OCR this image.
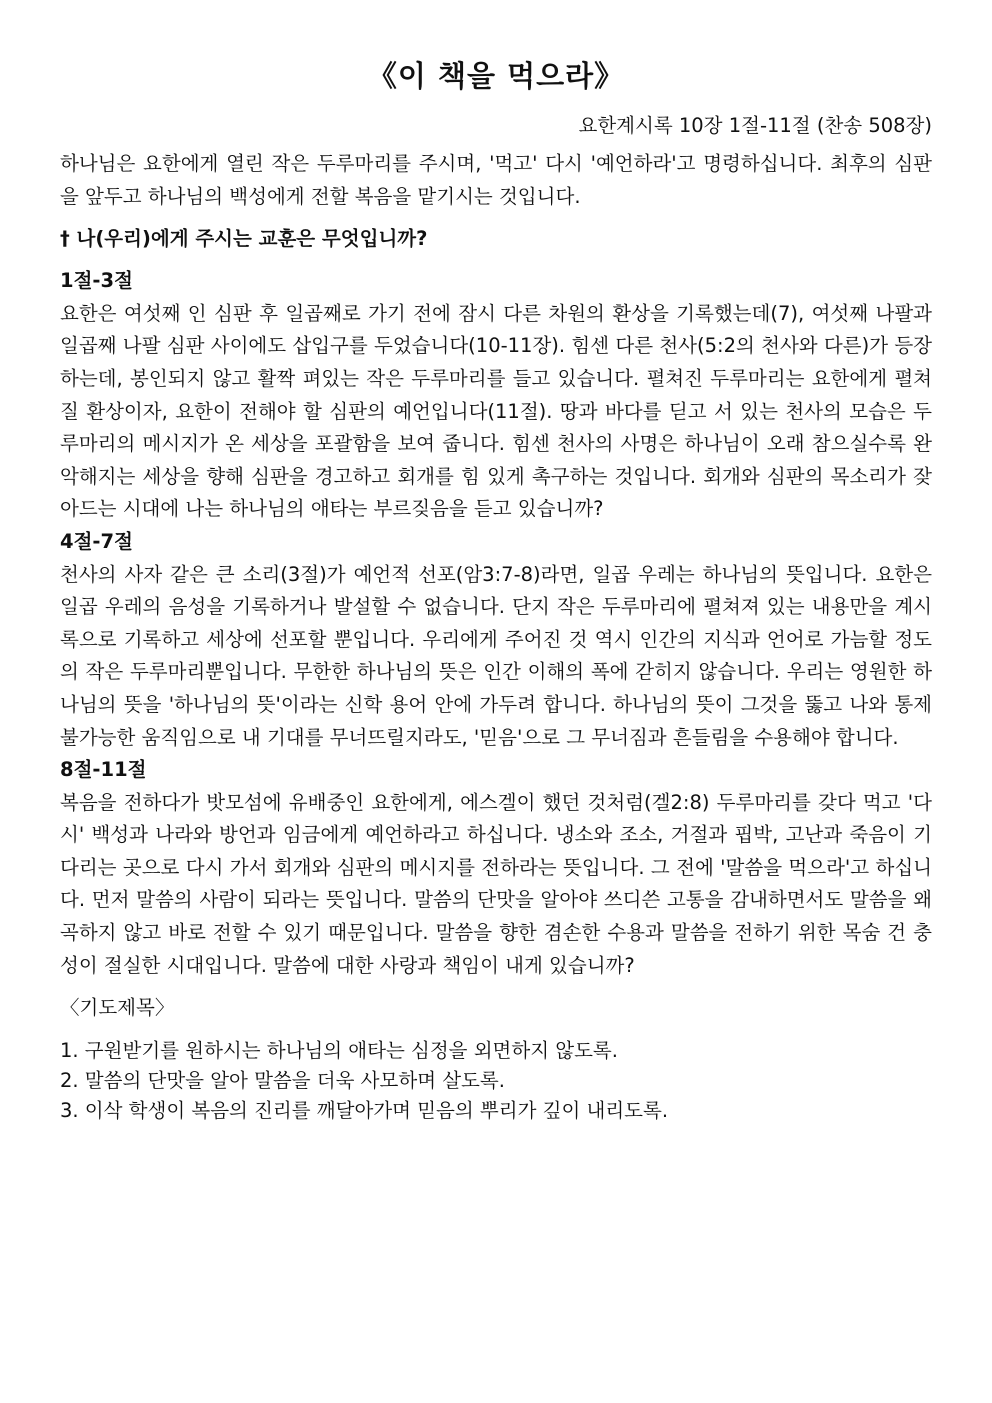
《이 책을 먹으라》
요한계시록 10장 1절-11절 (찬송 508장)

하나님은 요한에게 열린 작은 두루마리를 주시며, '먹고' 다시 '예언하라'고 명령하십니다. 최후의 심판을 앞두고 하나님의 백성에게 전할 복음을 맡기시는 것입니다.

† 나(우리)에게 주시는 교훈은 무엇입니까?
1절-3절

요한은 여섯째 인 심판 후 일곱째로 가기 전에 잠시 다른 차원의 환상을 기록했는데(7), 여섯째 나팔과 일곱째 나팔 심판 사이에도 삽입구를 두었습니다(10-11장). 힘센 다른 천사(5:2의 천사와 다른)가 등장하는데, 봉인되지 않고 활짝 펴있는 작은 두루마리를 들고 있습니다. 펼쳐진 두루마리는 요한에게 펼쳐질 환상이자, 요한이 전해야 할 심판의 예언입니다(11절). 땅과 바다를 딛고 서 있는 천사의 모습은 두루마리의 메시지가 온 세상을 포괄함을 보여 줍니다. 힘센 천사의 사명은 하나님이 오래 참으실수록 완악해지는 세상을 향해 심판을 경고하고 회개를 힘 있게 촉구하는 것입니다. 회개와 심판의 목소리가 잦아드는 시대에 나는 하나님의 애타는 부르짖음을 듣고 있습니까?

4절-7절

천사의 사자 같은 큰 소리(3절)가 예언적 선포(암3:7-8)라면, 일곱 우레는 하나님의 뜻입니다. 요한은 일곱 우레의 음성을 기록하거나 발설할 수 없습니다. 단지 작은 두루마리에 펼쳐져 있는 내용만을 계시록으로 기록하고 세상에 선포할 뿐입니다. 우리에게 주어진 것 역시 인간의 지식과 언어로 가늠할 정도의 작은 두루마리뿐입니다. 무한한 하나님의 뜻은 인간 이해의 폭에 갇히지 않습니다. 우리는 영원한 하나님의 뜻을 '하나님의 뜻'이라는 신학 용어 안에 가두려 합니다. 하나님의 뜻이 그것을 뚫고 나와 통제 불가능한 움직임으로 내 기대를 무너뜨릴지라도, '믿음'으로 그 무너짐과 흔들림을 수용해야 합니다.

8절-11절

복음을 전하다가 밧모섬에 유배중인 요한에게, 에스겔이 했던 것처럼(겔2:8) 두루마리를 갖다 먹고 '다시' 백성과 나라와 방언과 임금에게 예언하라고 하십니다. 냉소와 조소, 거절과 핍박, 고난과 죽음이 기다리는 곳으로 다시 가서 회개와 심판의 메시지를 전하라는 뜻입니다. 그 전에 '말씀을 먹으라'고 하십니다. 먼저 말씀의 사람이 되라는 뜻입니다. 말씀의 단맛을 알아야 쓰디쓴 고통을 감내하면서도 말씀을 왜곡하지 않고 바로 전할 수 있기 때문입니다. 말씀을 향한 겸손한 수용과 말씀을 전하기 위한 목숨 건 충성이 절실한 시대입니다. 말씀에 대한 사랑과 책임이 내게 있습니까?

〈기도제목〉
1. 구원받기를 원하시는 하나님의 애타는 심정을 외면하지 않도록.
2. 말씀의 단맛을 알아 말씀을 더욱 사모하며 살도록.
3. 이삭 학생이 복음의 진리를 깨달아가며 믿음의 뿌리가 깊이 내리도록.
